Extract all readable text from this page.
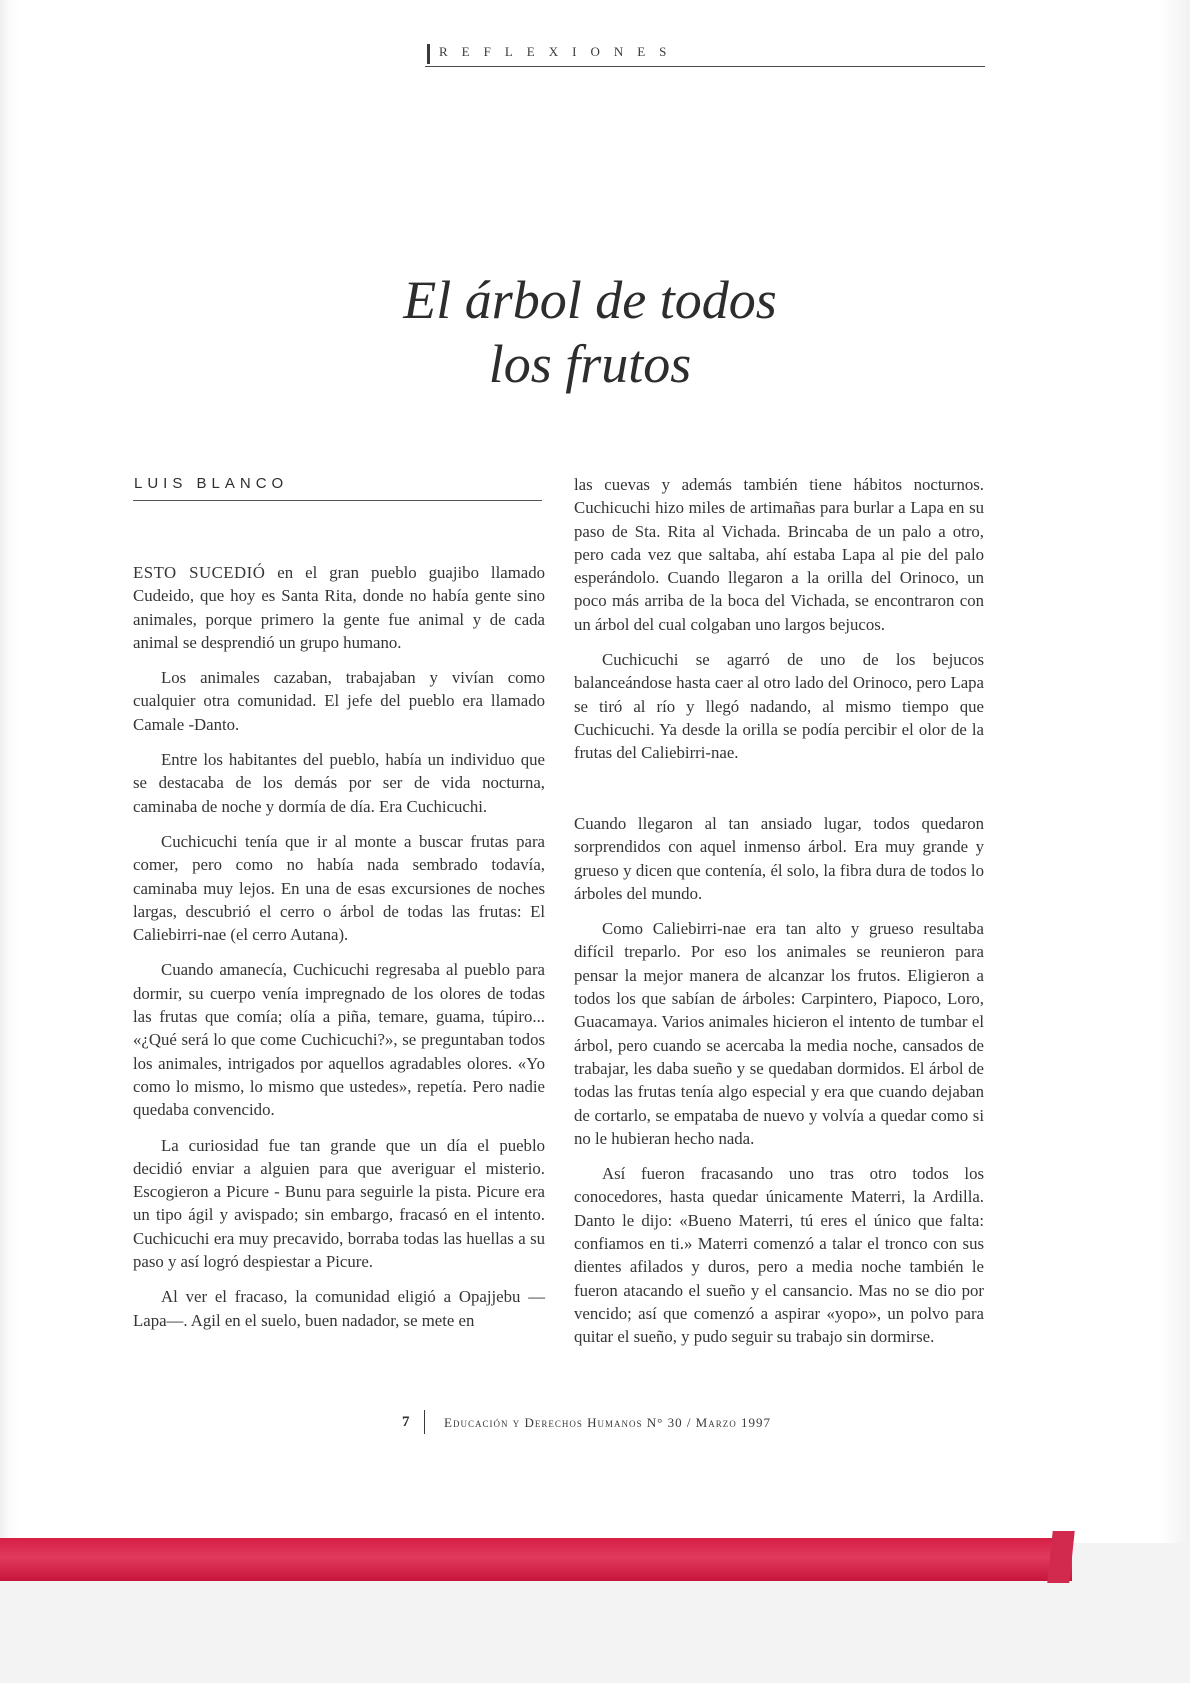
REFLEXIONES
El árbol de todos
los frutos
LUIS BLANCO

ESTO SUCEDIÓ en el gran pueblo guajibo llamado Cudeido, que hoy es Santa Rita, donde no había gente sino animales, porque primero la gente fue animal y de cada animal se desprendió un grupo humano.

Los animales cazaban, trabajaban y vivían como cualquier otra comunidad. El jefe del pueblo era llamado Camale -Danto.

Entre los habitantes del pueblo, había un individuo que se destacaba de los demás por ser de vida nocturna, caminaba de noche y dormía de día. Era Cuchicuchi.

Cuchicuchi tenía que ir al monte a buscar frutas para comer, pero como no había nada sembrado todavía, caminaba muy lejos. En una de esas excursiones de noches largas, descubrió el cerro o árbol de todas las frutas: El Caliebirri-nae (el cerro Autana).

Cuando amanecía, Cuchicuchi regresaba al pueblo para dormir, su cuerpo venía impregnado de los olores de todas las frutas que comía; olía a piña, temare, guama, túpiro... «¿Qué será lo que come Cuchicuchi?», se preguntaban todos los animales, intrigados por aquellos agradables olores. «Yo como lo mismo, lo mismo que ustedes», repetía. Pero nadie quedaba convencido.

La curiosidad fue tan grande que un día el pueblo decidió enviar a alguien para que averiguar el misterio. Escogieron a Picure - Bunu para seguirle la pista. Picure era un tipo ágil y avispado; sin embargo, fracasó en el intento. Cuchicuchi era muy precavido, borraba todas las huellas a su paso y así logró despiestar a Picure.

Al ver el fracaso, la comunidad eligió a Opajjebu —Lapa—. Agil en el suelo, buen nadador, se mete en

las cuevas y además también tiene hábitos nocturnos. Cuchicuchi hizo miles de artimañas para burlar a Lapa en su paso de Sta. Rita al Vichada. Brincaba de un palo a otro, pero cada vez que saltaba, ahí estaba Lapa al pie del palo esperándolo. Cuando llegaron a la orilla del Orinoco, un poco más arriba de la boca del Vichada, se encontraron con un árbol del cual colgaban uno largos bejucos.

Cuchicuchi se agarró de uno de los bejucos balanceándose hasta caer al otro lado del Orinoco, pero Lapa se tiró al río y llegó nadando, al mismo tiempo que Cuchicuchi. Ya desde la orilla se podía percibir el olor de la frutas del Caliebirri-nae.

Cuando llegaron al tan ansiado lugar, todos quedaron sorprendidos con aquel inmenso árbol. Era muy grande y grueso y dicen que contenía, él solo, la fibra dura de todos lo árboles del mundo.

Como Caliebirri-nae era tan alto y grueso resultaba difícil treparlo. Por eso los animales se reunieron para pensar la mejor manera de alcanzar los frutos. Eligieron a todos los que sabían de árboles: Carpintero, Piapoco, Loro, Guacamaya. Varios animales hicieron el intento de tumbar el árbol, pero cuando se acercaba la media noche, cansados de trabajar, les daba sueño y se quedaban dormidos. El árbol de todas las frutas tenía algo especial y era que cuando dejaban de cortarlo, se empataba de nuevo y volvía a quedar como si no le hubieran hecho nada.

Así fueron fracasando uno tras otro todos los conocedores, hasta quedar únicamente Materri, la Ardilla. Danto le dijo: «Bueno Materri, tú eres el único que falta: confiamos en ti.» Materri comenzó a talar el tronco con sus dientes afilados y duros, pero a media noche también le fueron atacando el sueño y el cansancio. Mas no se dio por vencido; así que comenzó a aspirar «yopo», un polvo para quitar el sueño, y pudo seguir su trabajo sin dormirse.

7	Educación y Derechos Humanos N° 30 / Marzo 1997
